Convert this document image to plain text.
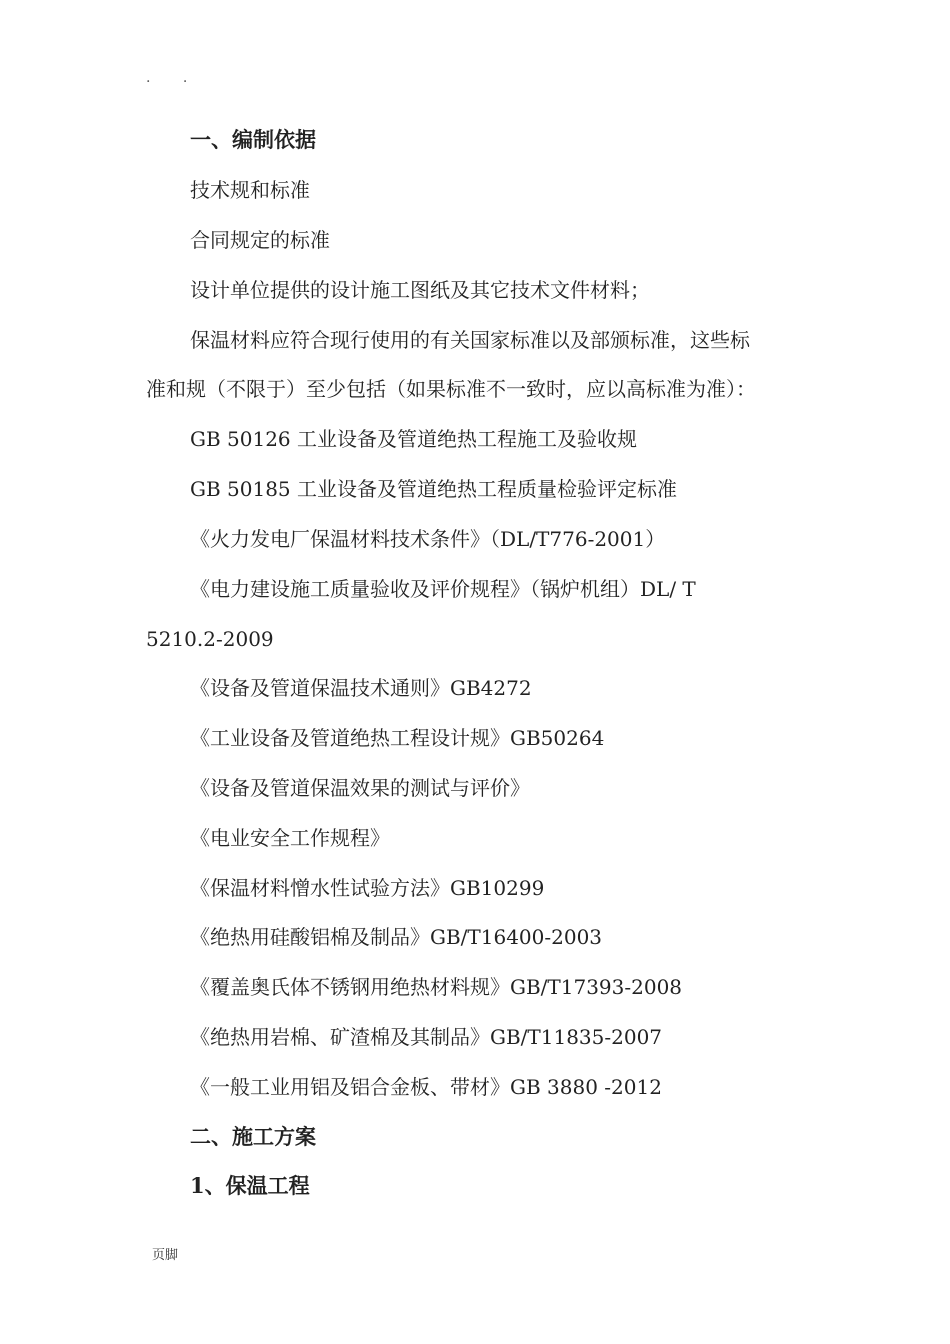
. .
一、编制依据
技术规和标准
合同规定的标准
设计单位提供的设计施工图纸及其它技术文件材料；
保温材料应符合现行使用的有关国家标准以及部颁标准，这些标
准和规（不限于）至少包括（如果标准不一致时，应以高标准为准）：
GB 50126 工业设备及管道绝热工程施工及验收规
GB 50185 工业设备及管道绝热工程质量检验评定标准
《火力发电厂保温材料技术条件》（DL/T776-2001）
《电力建设施工质量验收及评价规程》（锅炉机组）DL/ T
5210.2-2009
《设备及管道保温技术通则》GB4272
《工业设备及管道绝热工程设计规》GB50264
《设备及管道保温效果的测试与评价》
《电业安全工作规程》
《保温材料憎水性试验方法》GB10299
《绝热用硅酸铝棉及制品》GB/T16400-2003
《覆盖奥氏体不锈钢用绝热材料规》GB/T17393-2008
《绝热用岩棉、矿渣棉及其制品》GB/T11835-2007
《一般工业用铝及铝合金板、带材》GB 3880 -2012
二、施工方案
1、保温工程
页脚
